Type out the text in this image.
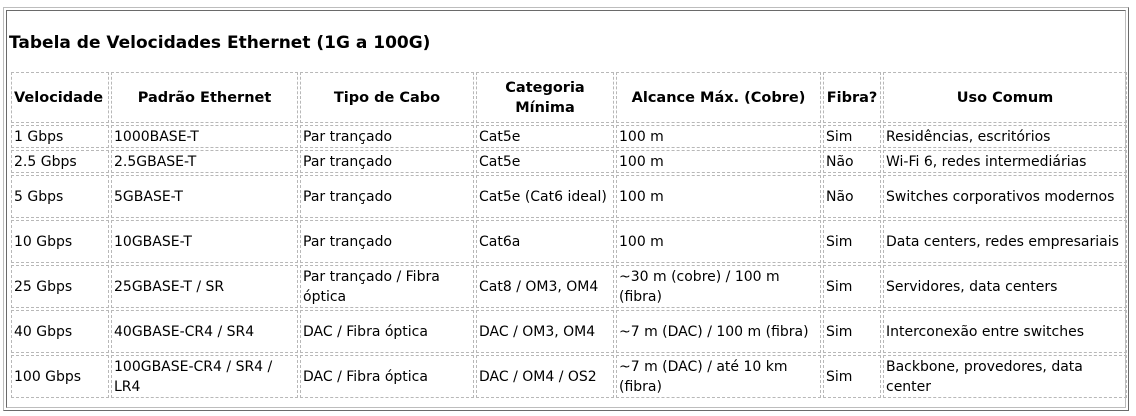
Tabela de Velocidades Ethernet (1G a 100G)
Velocidade	Padrão Ethernet	Tipo de Cabo	Categoria Mínima	Alcance Máx. (Cobre)	Fibra?	Uso Comum
1 Gbps	1000BASE-T	Par trançado	Cat5e	100 m	Sim	Residências, escritórios
2.5 Gbps	2.5GBASE-T	Par trançado	Cat5e	100 m	Não	Wi-Fi 6, redes intermediárias
5 Gbps	5GBASE-T	Par trançado	Cat5e (Cat6 ideal)	100 m	Não	Switches corporativos modernos
10 Gbps	10GBASE-T	Par trançado	Cat6a	100 m	Sim	Data centers, redes empresariais
25 Gbps	25GBASE-T / SR	Par trançado / Fibra óptica	Cat8 / OM3, OM4	~30 m (cobre) / 100 m (fibra)	Sim	Servidores, data centers
40 Gbps	40GBASE-CR4 / SR4	DAC / Fibra óptica	DAC / OM3, OM4	~7 m (DAC) / 100 m (fibra)	Sim	Interconexão entre switches
100 Gbps	100GBASE-CR4 / SR4 / LR4	DAC / Fibra óptica	DAC / OM4 / OS2	~7 m (DAC) / até 10 km (fibra)	Sim	Backbone, provedores, data center
